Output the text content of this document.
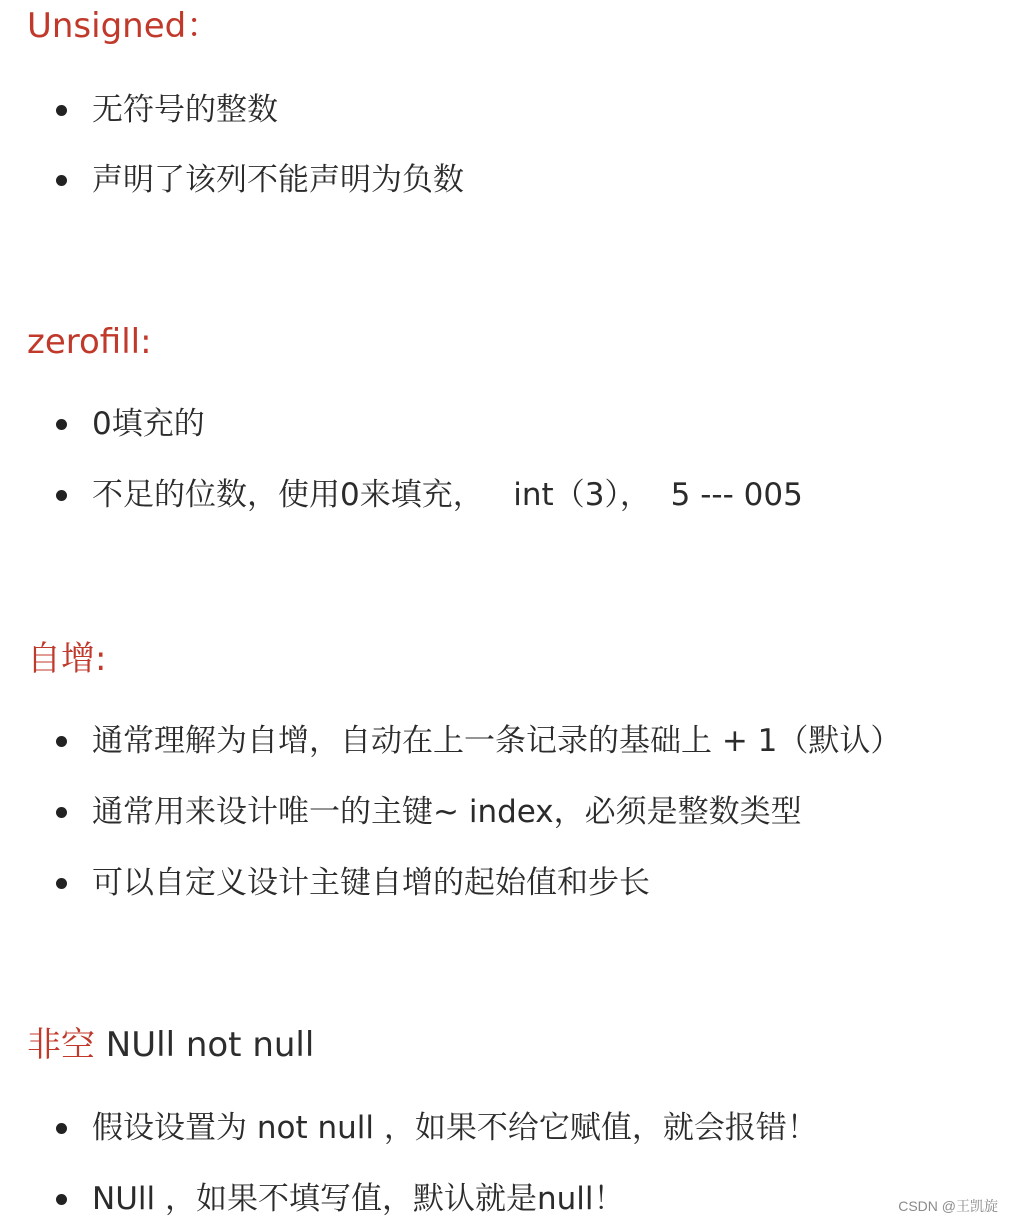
Unsigned：
无符号的整数
声明了该列不能声明为负数
zerofill:
0填充的
不足的位数，使用0来填充，   int（3），  5 --- 005
自增:
通常理解为自增，自动在上一条记录的基础上 + 1（默认）
通常用来设计唯一的主键~ index，必须是整数类型
可以自定义设计主键自增的起始值和步长
非空 NUll not null
假设设置为 not null ，如果不给它赋值，就会报错！
NUll ，如果不填写值，默认就是null！	CSDN @王凯旋
